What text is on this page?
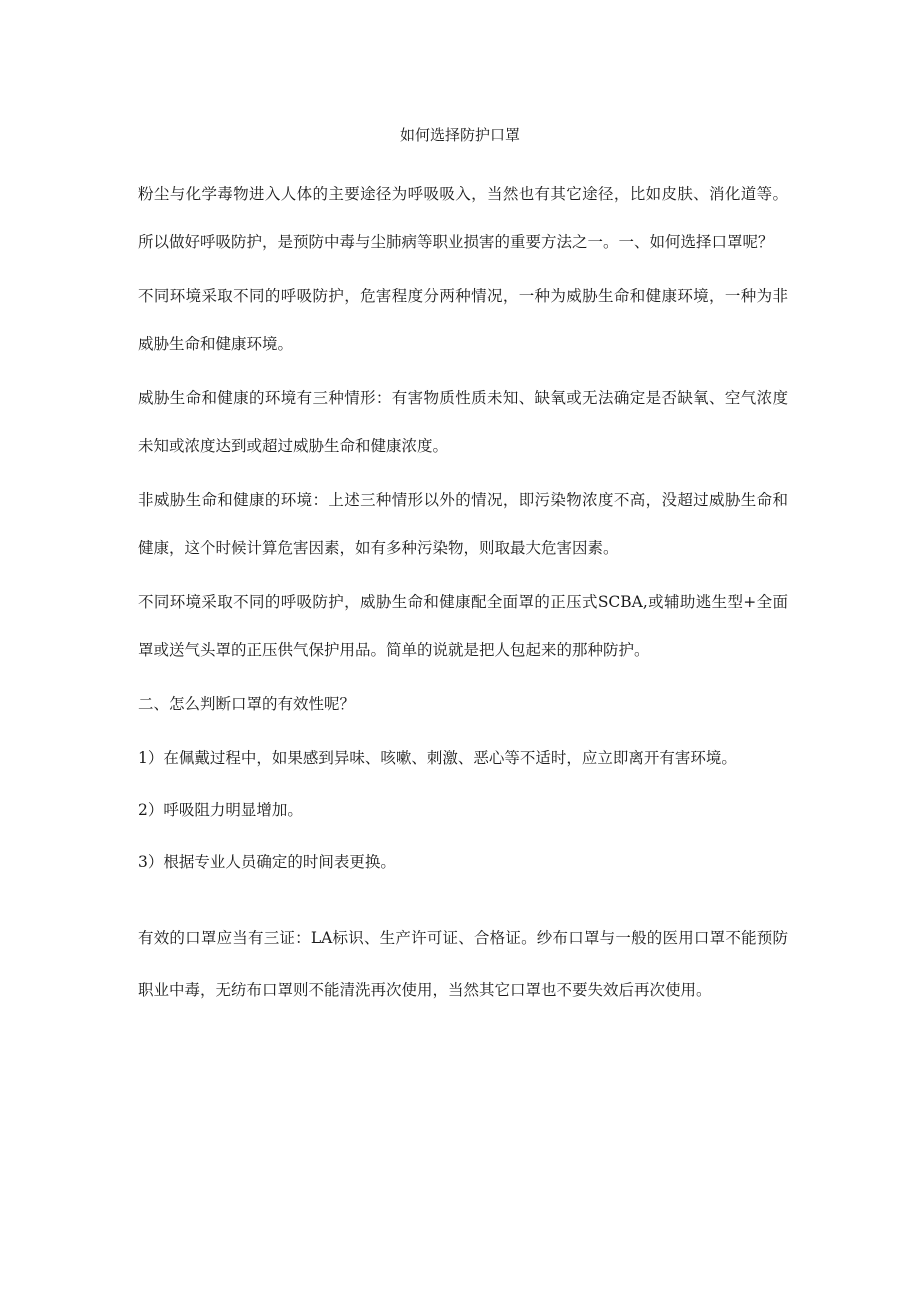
如何选择防护口罩

粉尘与化学毒物进入人体的主要途径为呼吸吸入，当然也有其它途径，比如皮肤、消化道等。所以做好呼吸防护，是预防中毒与尘肺病等职业损害的重要方法之一。一、如何选择口罩呢？

不同环境采取不同的呼吸防护，危害程度分两种情况，一种为威胁生命和健康环境，一种为非威胁生命和健康环境。

威胁生命和健康的环境有三种情形：有害物质性质未知、缺氧或无法确定是否缺氧、空气浓度未知或浓度达到或超过威胁生命和健康浓度。

非威胁生命和健康的环境：上述三种情形以外的情况，即污染物浓度不高，没超过威胁生命和健康，这个时候计算危害因素，如有多种污染物，则取最大危害因素。

不同环境采取不同的呼吸防护，威胁生命和健康配全面罩的正压式SCBA,或辅助逃生型+全面罩或送气头罩的正压供气保护用品。简单的说就是把人包起来的那种防护。

二、怎么判断口罩的有效性呢？

1）在佩戴过程中，如果感到异味、咳嗽、刺激、恶心等不适时，应立即离开有害环境。

2）呼吸阻力明显增加。

3）根据专业人员确定的时间表更换。

有效的口罩应当有三证：LA标识、生产许可证、合格证。纱布口罩与一般的医用口罩不能预防职业中毒，无纺布口罩则不能清洗再次使用，当然其它口罩也不要失效后再次使用。
